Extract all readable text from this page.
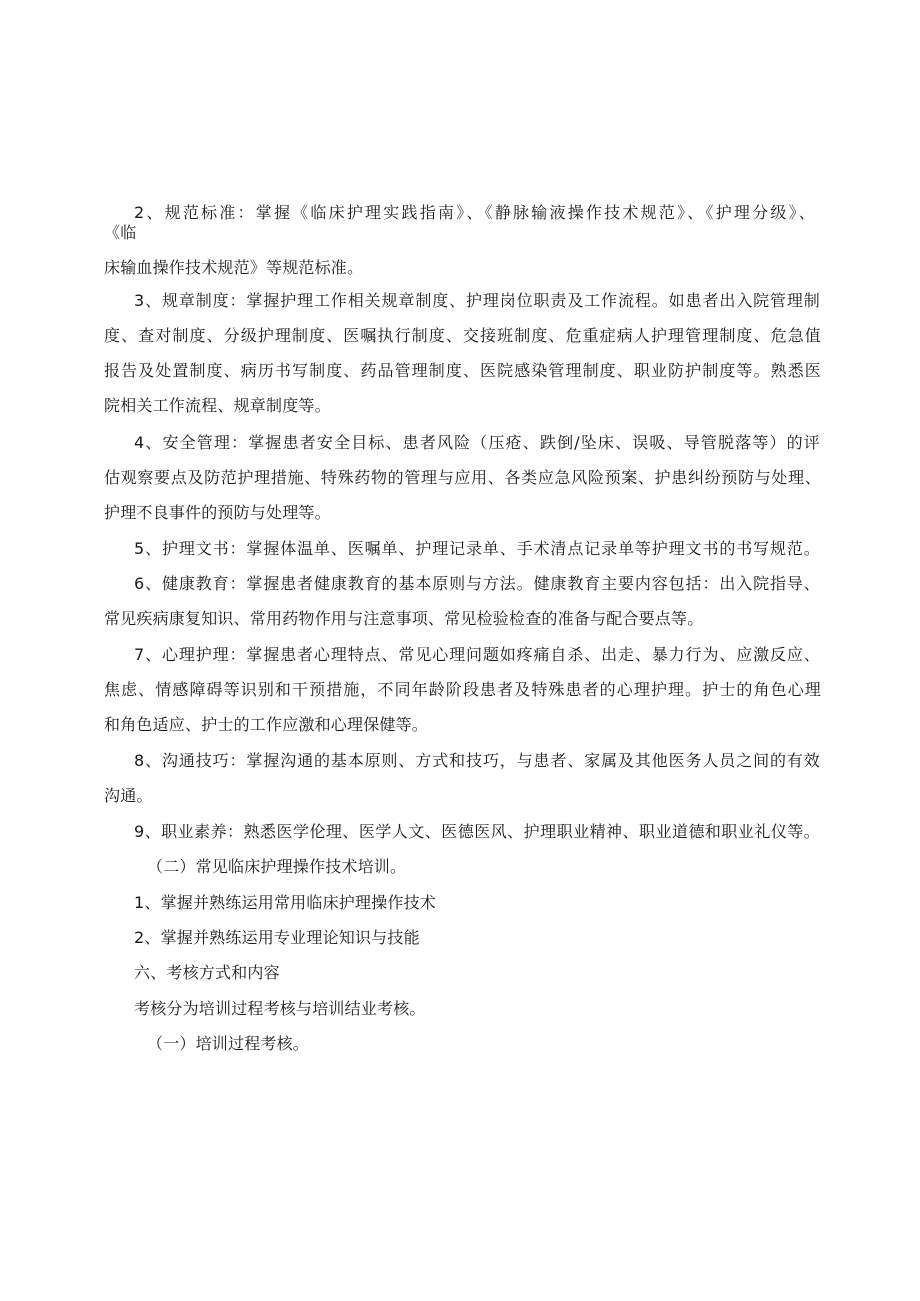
2、规范标准：掌握《临床护理实践指南》、《静脉输液操作技术规范》、《护理分级》、
《临
床输血操作技术规范》等规范标准。
3、规章制度：掌握护理工作相关规章制度、护理岗位职责及工作流程。如患者出入院管理制
度、查对制度、分级护理制度、医嘱执行制度、交接班制度、危重症病人护理管理制度、危急值
报告及处置制度、病历书写制度、药品管理制度、医院感染管理制度、职业防护制度等。熟悉医
院相关工作流程、规章制度等。
4、安全管理：掌握患者安全目标、患者风险（压疮、跌倒/坠床、误吸、导管脱落等）的评
估观察要点及防范护理措施、特殊药物的管理与应用、各类应急风险预案、护患纠纷预防与处理、
护理不良事件的预防与处理等。
5、护理文书：掌握体温单、医嘱单、护理记录单、手术清点记录单等护理文书的书写规范。
6、健康教育：掌握患者健康教育的基本原则与方法。健康教育主要内容包括：出入院指导、
常见疾病康复知识、常用药物作用与注意事项、常见检验检查的准备与配合要点等。
7、心理护理：掌握患者心理特点、常见心理问题如疼痛自杀、出走、暴力行为、应激反应、
焦虑、情感障碍等识别和干预措施，不同年龄阶段患者及特殊患者的心理护理。护士的角色心理
和角色适应、护士的工作应激和心理保健等。
8、沟通技巧：掌握沟通的基本原则、方式和技巧，与患者、家属及其他医务人员之间的有效
沟通。
9、职业素养：熟悉医学伦理、医学人文、医德医风、护理职业精神、职业道德和职业礼仪等。
（二）常见临床护理操作技术培训。
1、掌握并熟练运用常用临床护理操作技术
2、掌握并熟练运用专业理论知识与技能
六、考核方式和内容
考核分为培训过程考核与培训结业考核。
（一）培训过程考核。
